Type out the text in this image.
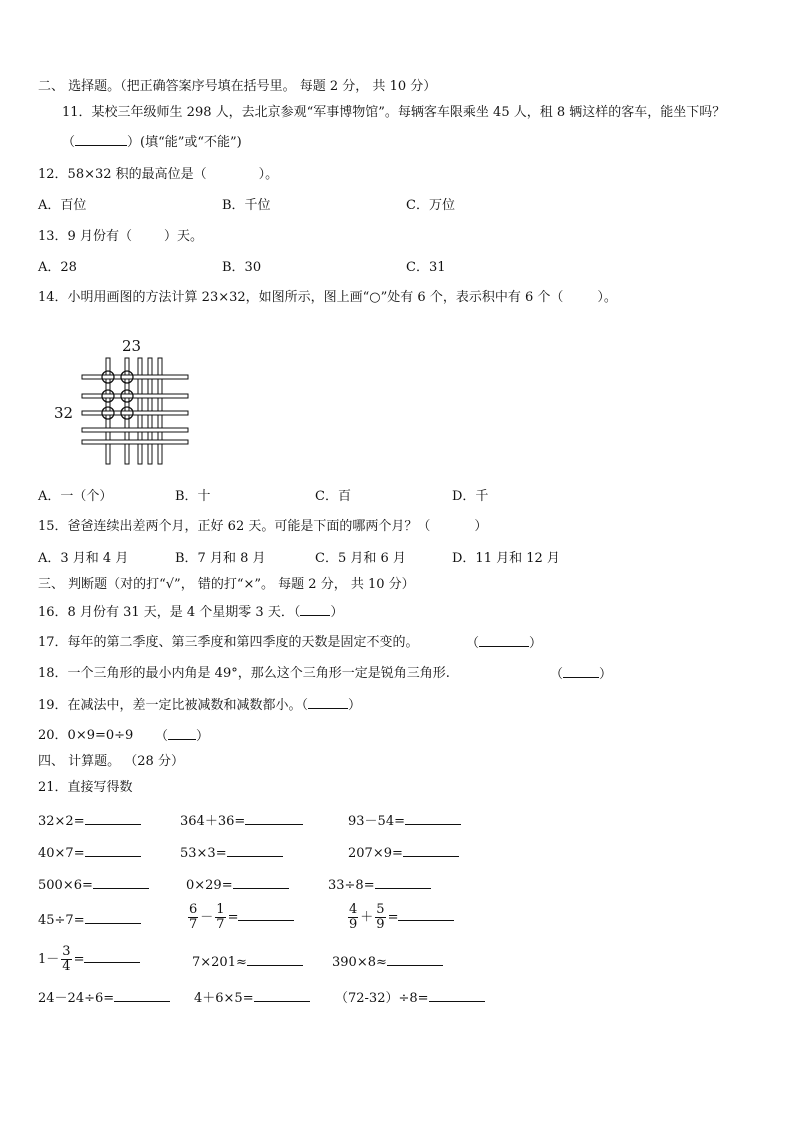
二、 选择题。（把正确答案序号填在括号里。 每题 2 分， 共 10 分）
11．某校三年级师生 298 人，去北京参观“军事博物馆”。每辆客车限乘坐 45 人，租 8 辆这样的客车，能坐下吗？
（	）(填“能”或“不能”)
12．58×32 积的最高位是（	）。
A．百位	B．千位	C．万位
13．9 月份有（ ）天。
A．28	B．30	C．31
14．小明用画图的方法计算 23×32，如图所示，图上画“○”处有 6 个，表示积中有 6 个（	）。
23
32
A．一（个）	B．十	C．百	D．千
15．爸爸连续出差两个月，正好 62 天。可能是下面的哪两个月？（	）
A．3 月和 4 月	B．7 月和 8 月	C．5 月和 6 月	D．11 月和 12 月
三、 判断题（对的打“√”， 错的打“×”。 每题 2 分， 共 10 分）
16．8 月份有 31 天，是 4 个星期零 3 天．（ ）
17．每年的第二季度、第三季度和第四季度的天数是固定不变的。	（	）
18．一个三角形的最小内角是 49°，那么这个三角形一定是锐角三角形.	（	）
19．在减法中，差一定比被减数和减数都小。（	）
20．0×9=0÷9 （ ）
四、 计算题。 （28 分）
21．直接写得数
32×2=	364＋36=	93－54=
40×7=	53×3=	207×9=
500×6=	0×29=	33÷8=
45÷7=	$\frac{6}{7} - \frac{1}{7}$ =	$\frac{4}{9} + \frac{5}{9}$ =
$1- \frac{3}{4}$ =	7×201≈	390×8≈
24－24÷6=	4＋6×5=	（72-32）÷8=
